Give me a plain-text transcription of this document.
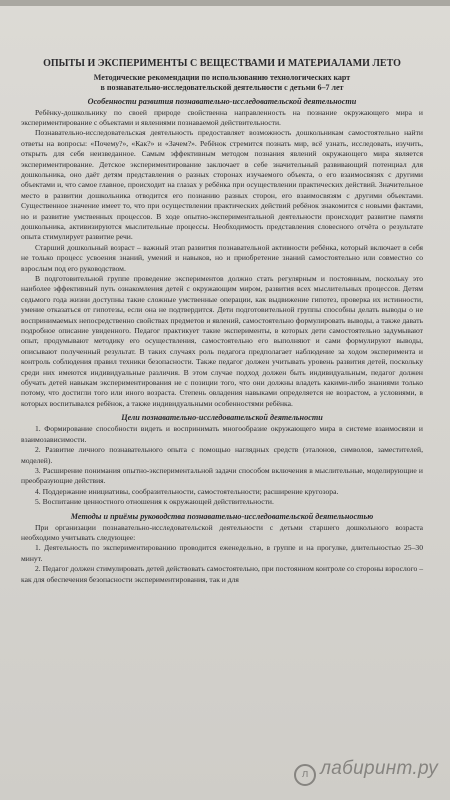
ОПЫТЫ И ЭКСПЕРИМЕНТЫ С ВЕЩЕСТВАМИ И МАТЕРИАЛАМИ ЛЕТО

Методические рекомендации по использованию технологических карт

в познавательно-исследовательской деятельности с детьми 6–7 лет

Особенности развития познавательно-исследовательской деятельности

Ребёнку-дошкольнику по своей природе свойственна направленность на познание окружающего мира и экспериментирование с объектами и явлениями познаваемой действительности.

Познавательно-исследовательская деятельность предоставляет возможность дошкольникам самостоятельно найти ответы на вопросы: «Почему?», «Как?» и «Зачем?». Ребёнок стремится познать мир, всё узнать, исследовать, изучить, открыть для себя неизведанное. Самым эффективным методом познания явлений окружающего мира является экспериментирование. Детское экспериментирование заключает в себе значительный развивающий потенциал для дошкольника, оно даёт детям представления о разных сторонах изучаемого объекта, о его взаимосвязях с другими объектами и, что самое главное, происходит на глазах у ребёнка при осуществлении практических действий. Значительное место в развитии дошкольника отводится его познанию разных сторон, его взаимосвязям с другими объектами. Существенное значение имеет то, что при осуществлении практических действий ребёнок знакомится с новыми фактами, но и развитие умственных процессов. В ходе опытно-экспериментальной деятельности происходит развитие памяти дошкольника, активизируются мыслительные процессы. Необходимость представления словесного отчёта о результате опыта стимулирует развитие речи.

Старший дошкольный возраст – важный этап развития познавательной активности ребёнка, который включает в себя не только процесс усвоения знаний, умений и навыков, но и приобретение знаний самостоятельно или совместно со взрослым под его руководством.

В подготовительной группе проведение экспериментов должно стать регулярным и постоянным, поскольку это наиболее эффективный путь ознакомления детей с окружающим миром, развития всех мыслительных процессов. Детям седьмого года жизни доступны такие сложные умственные операции, как выдвижение гипотез, проверка их истинности, умение отказаться от гипотезы, если она не подтвердится. Дети подготовительной группы способны делать выводы о не воспринимаемых непосредственно свойствах предметов и явлений, самостоятельно формулировать выводы, а также давать подробное описание увиденного. Педагог практикует такие эксперименты, в которых дети самостоятельно задумывают опыт, продумывают методику его осуществления, самостоятельно его выполняют и сами формулируют выводы, описывают полученный результат. В таких случаях роль педагога предполагает наблюдение за ходом эксперимента и контроль соблюдения правил техники безопасности. Также педагог должен учитывать уровень развития детей, поскольку среди них имеются индивидуальные различия. В этом случае подход должен быть индивидуальным, педагог должен обучать детей навыкам экспериментирования не с позиции того, что они должны владеть какими-либо знаниями только потому, что достигли того или иного возраста. Степень овладения навыками определяется не возрастом, а условиями, в которых воспитывался ребёнок, а также индивидуальными особенностями ребёнка.

Цели познавательно-исследовательской деятельности

1. Формирование способности видеть и воспринимать многообразие окружающего мира в системе взаимосвязи и взаимозависимости.

2. Развитие личного познавательного опыта с помощью наглядных средств (эталонов, символов, заместителей, моделей).

3. Расширение понимания опытно-экспериментальной задачи способом включения в мыслительные, моделирующие и преобразующие действия.

4. Поддержание инициативы, сообразительности, самостоятельности; расширение кругозора.

5. Воспитание ценностного отношения к окружающей действительности.

Методы и приёмы руководства познавательно-исследовательской деятельностью

При организации познавательно-исследовательской деятельности с детьми старшего дошкольного возраста необходимо учитывать следующее:

1. Деятельность по экспериментированию проводится еженедельно, в группе и на прогулке, длительностью 25–30 минут.

2. Педагог должен стимулировать детей действовать самостоятельно, при постоянном контроле со стороны взрослого – как для обеспечения безопасности экспериментирования, так и для

л лабиринт.ру
